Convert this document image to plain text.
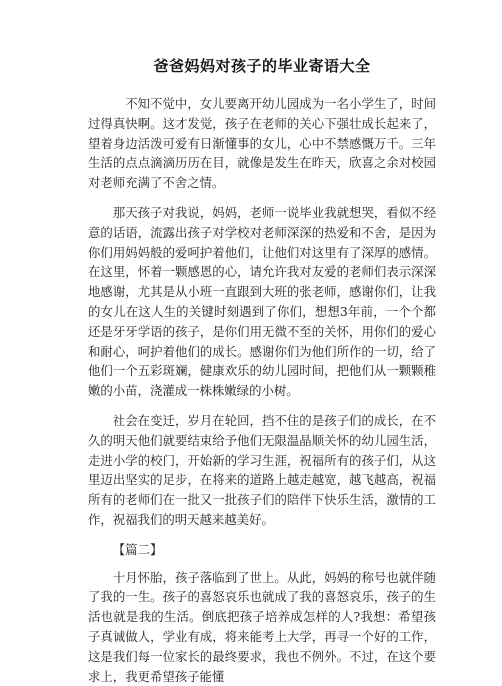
爸爸妈妈对孩子的毕业寄语大全

不知不觉中，女儿要离开幼儿园成为一名小学生了，时间过得真快啊。这才发觉，孩子在老师的关心下强壮成长起来了，望着身边活泼可爱有日渐懂事的女儿，心中不禁感慨万千。三年生活的点点滴滴历历在目，就像是发生在昨天，欣喜之余对校园对老师充满了不舍之情。

那天孩子对我说，妈妈，老师一说毕业我就想哭，看似不经意的话语，流露出孩子对学校对老师深深的热爱和不舍，是因为你们用妈妈般的爱呵护着他们，让他们对这里有了深厚的感情。在这里，怀着一颗感恩的心，请允许我对友爱的老师们表示深深地感谢，尤其是从小班一直跟到大班的张老师，感谢你们，让我的女儿在这人生的关键时刻遇到了你们，想想3年前，一个个都还是牙牙学语的孩子，是你们用无微不至的关怀，用你们的爱心和耐心，呵护着他们的成长。感谢你们为他们所作的一切，给了他们一个五彩斑斓，健康欢乐的幼儿园时间，把他们从一颗颗稚嫩的小苗，浇灌成一株株嫩绿的小树。

社会在变迁，岁月在轮回，挡不住的是孩子们的成长，在不久的明天他们就要结束给予他们无限温晶顺关怀的幼儿园生活，走进小学的校门，开始新的学习生涯，祝福所有的孩子们，从这里迈出坚实的足步，在将来的道路上越走越宽，越飞越高，祝福所有的老师们在一批又一批孩子们的陪伴下快乐生活，激情的工作，祝福我们的明天越来越美好。

【篇二】

十月怀胎，孩子落临到了世上。从此，妈妈的称号也就伴随了我的一生。孩子的喜怒哀乐也就成了我的喜怒哀乐，孩子的生活也就是我的生活。倒底把孩子培养成怎样的人?我想：希望孩子真诚做人，学业有成，将来能考上大学，再寻一个好的工作，这是我们每一位家长的最终要求，我也不例外。不过，在这个要求上，我更希望孩子能懂
